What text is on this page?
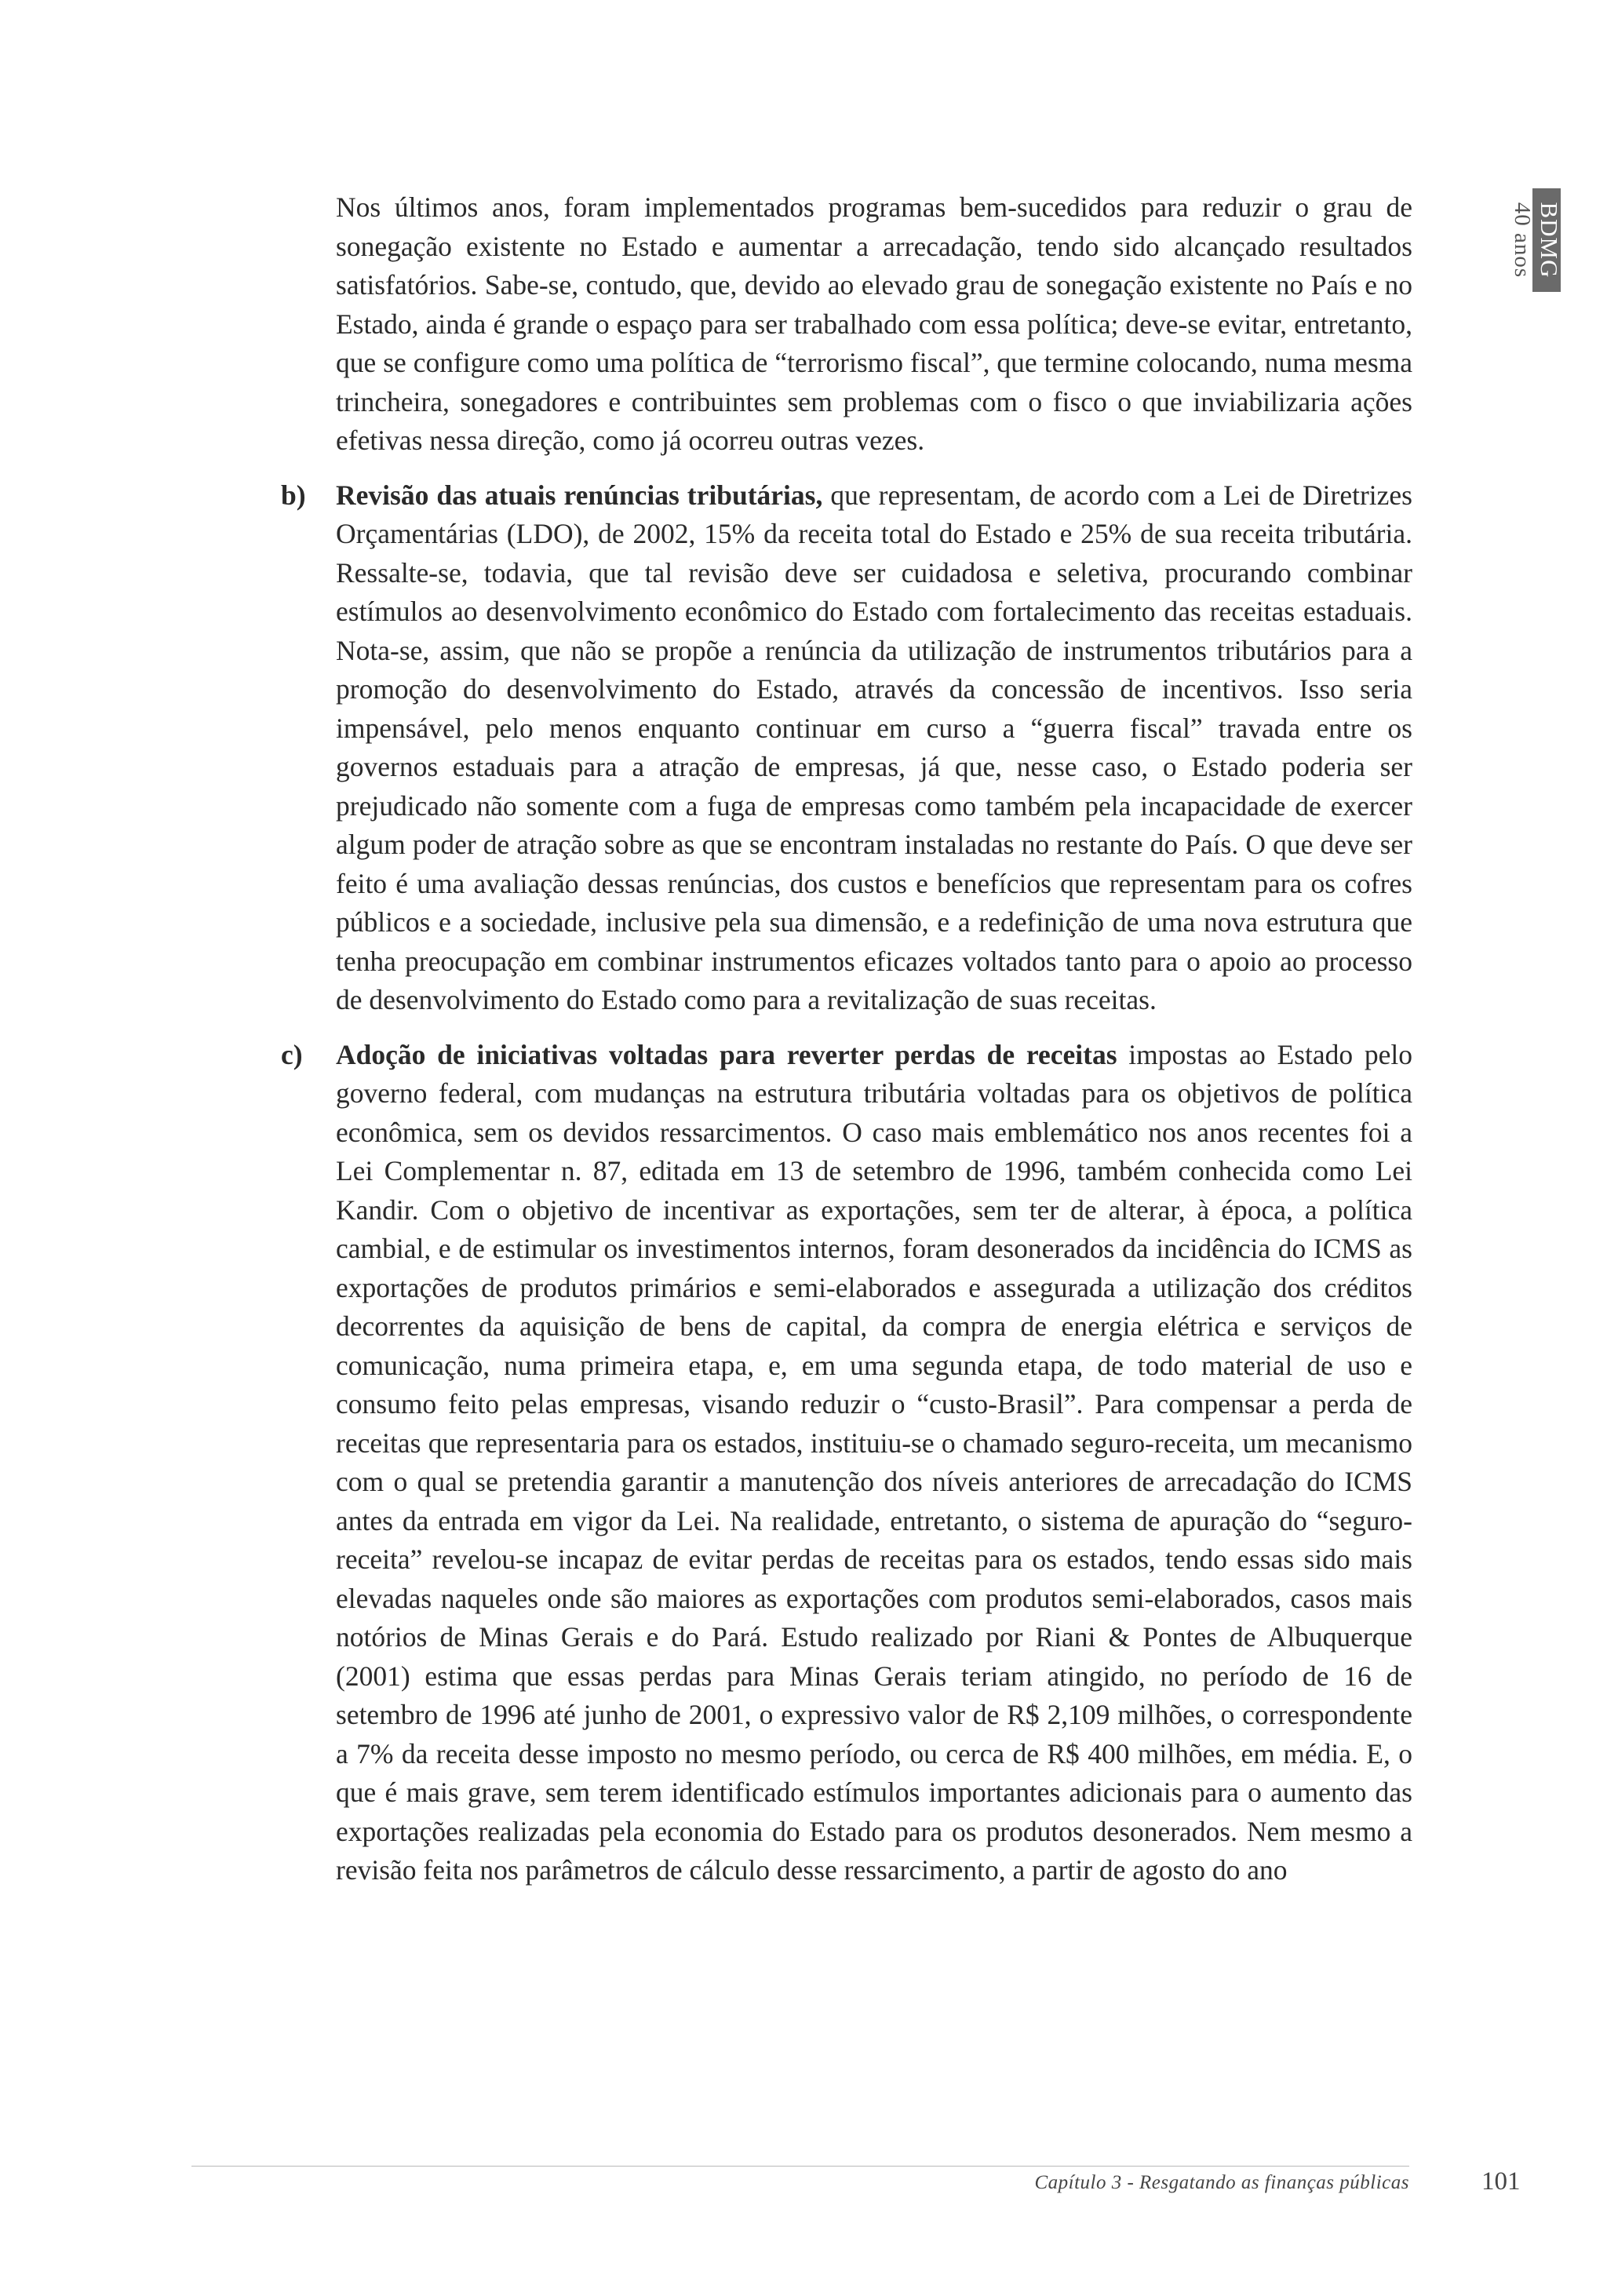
BDMG
40 anos

Nos últimos anos, foram implementados programas bem-sucedidos para reduzir o grau de sonegação existente no Estado e aumentar a arrecadação, tendo sido alcançado resultados satisfatórios. Sabe-se, contudo, que, devido ao elevado grau de sonegação existente no País e no Estado, ainda é grande o espaço para ser trabalhado com essa política; deve-se evitar, entretanto, que se configure como uma política de “terrorismo fiscal”, que termine colocando, numa mesma trincheira, sonegadores e contribuintes sem problemas com o fisco o que inviabilizaria ações efetivas nessa direção, como já ocorreu outras vezes.

b) Revisão das atuais renúncias tributárias, que representam, de acordo com a Lei de Diretrizes Orçamentárias (LDO), de 2002, 15% da receita total do Estado e 25% de sua receita tributária. Ressalte-se, todavia, que tal revisão deve ser cuidadosa e seletiva, procurando combinar estímulos ao desenvolvimento econômico do Estado com fortalecimento das receitas estaduais. Nota-se, assim, que não se propõe a renúncia da utilização de instrumentos tributários para a promoção do desenvolvimento do Estado, através da concessão de incentivos. Isso seria impensável, pelo menos enquanto continuar em curso a “guerra fiscal” travada entre os governos estaduais para a atração de empresas, já que, nesse caso, o Estado poderia ser prejudicado não somente com a fuga de empresas como também pela incapacidade de exercer algum poder de atração sobre as que se encontram instaladas no restante do País. O que deve ser feito é uma avaliação dessas renúncias, dos custos e benefícios que representam para os cofres públicos e a sociedade, inclusive pela sua dimensão, e a redefinição de uma nova estrutura que tenha preocupação em combinar instrumentos eficazes voltados tanto para o apoio ao processo de desenvolvimento do Estado como para a revitalização de suas receitas.
c) Adoção de iniciativas voltadas para reverter perdas de receitas impostas ao Estado pelo governo federal, com mudanças na estrutura tributária voltadas para os objetivos de política econômica, sem os devidos ressarcimentos. O caso mais emblemático nos anos recentes foi a Lei Complementar n. 87, editada em 13 de setembro de 1996, também conhecida como Lei Kandir. Com o objetivo de incentivar as exportações, sem ter de alterar, à época, a política cambial, e de estimular os investimentos internos, foram desonerados da incidência do ICMS as exportações de produtos primários e semi-elaborados e assegurada a utilização dos créditos decorrentes da aquisição de bens de capital, da compra de energia elétrica e serviços de comunicação, numa primeira etapa, e, em uma segunda etapa, de todo material de uso e consumo feito pelas empresas, visando reduzir o “custo-Brasil”. Para compensar a perda de receitas que representaria para os estados, instituiu-se o chamado seguro-receita, um mecanismo com o qual se pretendia garantir a manutenção dos níveis anteriores de arrecadação do ICMS antes da entrada em vigor da Lei. Na realidade, entretanto, o sistema de apuração do “seguro-receita” revelou-se incapaz de evitar perdas de receitas para os estados, tendo essas sido mais elevadas naqueles onde são maiores as exportações com produtos semi-elaborados, casos mais notórios de Minas Gerais e do Pará. Estudo realizado por Riani & Pontes de Albuquerque (2001) estima que essas perdas para Minas Gerais teriam atingido, no período de 16 de setembro de 1996 até junho de 2001, o expressivo valor de R$ 2,109 milhões, o correspondente a 7% da receita desse imposto no mesmo período, ou cerca de R$ 400 milhões, em média. E, o que é mais grave, sem terem identificado estímulos importantes adicionais para o aumento das exportações realizadas pela economia do Estado para os produtos desonerados. Nem mesmo a revisão feita nos parâmetros de cálculo desse ressarcimento, a partir de agosto do ano
Capítulo 3 - Resgatando as finanças públicas	101
